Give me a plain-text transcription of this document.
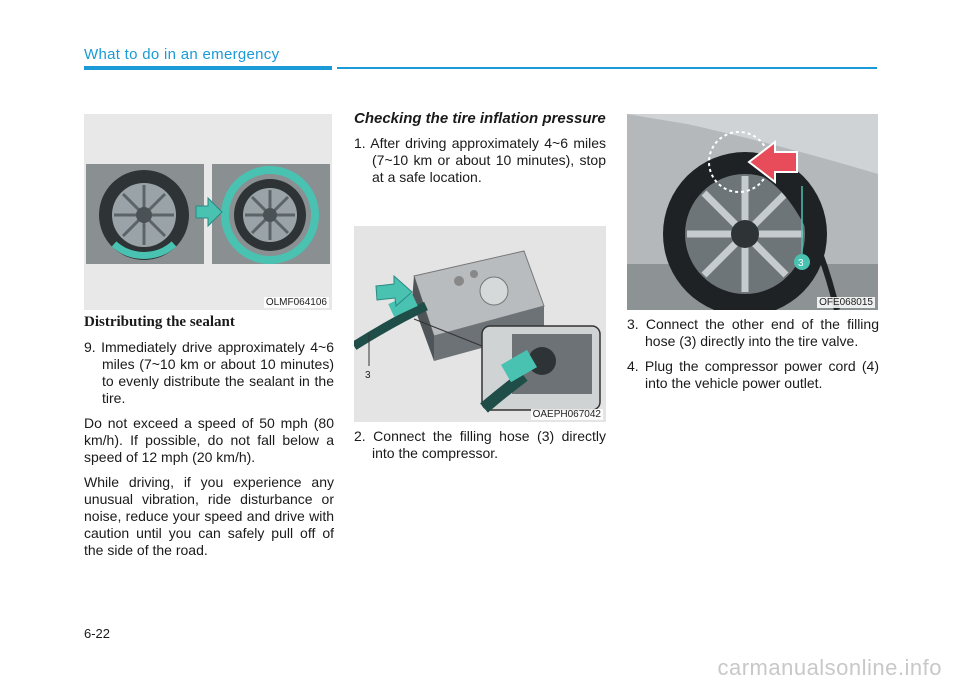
What to do in an emergency
OLMF064106
3
OAEPH067042
3
OFE068015

Distributing the sealant

9. Immediately drive approximately 4~6 miles (7~10 km or about 10 minutes) to evenly distribute the sealant in the tire.

Do not exceed a speed of 50 mph (80 km/h). If possible, do not fall below a speed of 12 mph (20 km/h).

While driving, if you experience any unusual vibration, ride disturbance or noise, reduce your speed and drive with caution until you can safely pull off of the side of the road.

Checking the tire inflation pressure

1. After driving approximately 4~6 miles (7~10 km or about 10 minutes), stop at a safe location.

2. Connect the filling hose (3) directly into the compressor.

3. Connect the other end of the filling hose (3) directly into the tire valve.

4. Plug the compressor power cord (4) into the vehicle power outlet.

6-22
carmanualsonline.info
